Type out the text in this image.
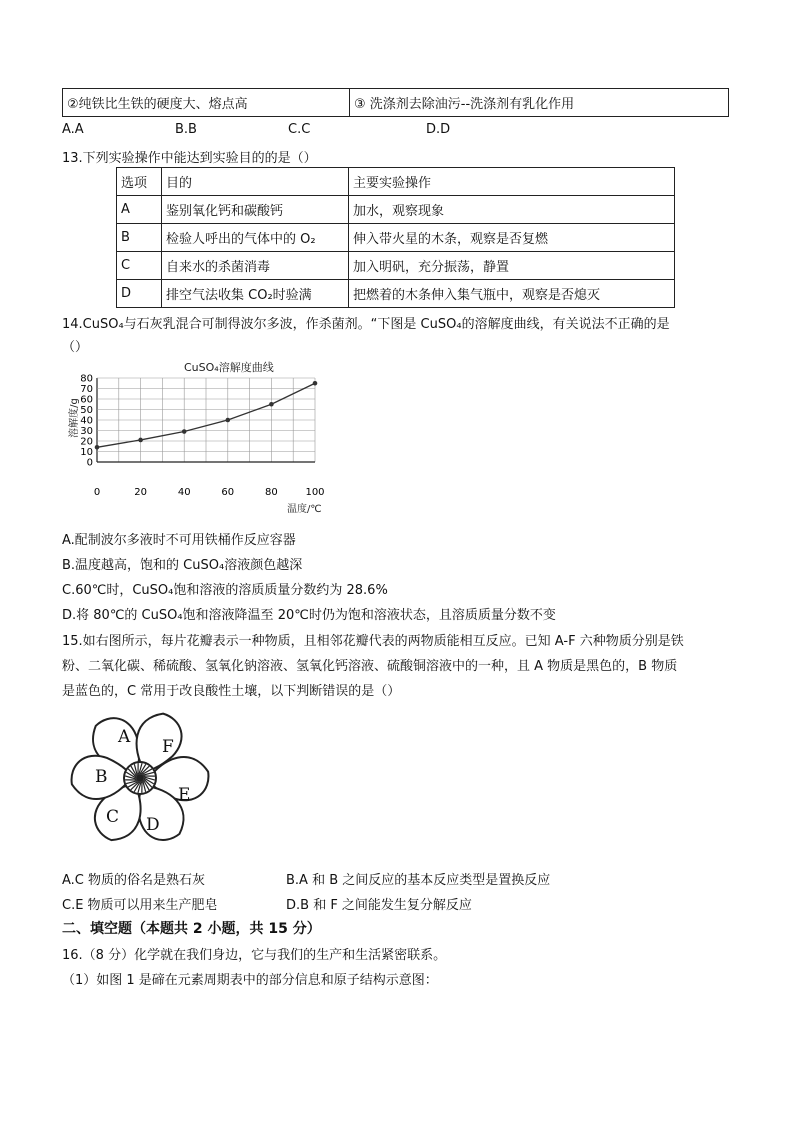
②纯铁比生铁的硬度大、熔点高	③ 洗涤剂去除油污--洗涤剂有乳化作用
A.A	B.B	C.C	D.D
13.下列实验操作中能达到实验目的的是（）
选项	目的	主要实验操作
A	鉴别氧化钙和碳酸钙	加水，观察现象
B	检验人呼出的气体中的 O₂	伸入带火星的木条，观察是否复燃
C	自来水的杀菌消毒	加入明矾，充分振荡，静置
D	排空气法收集 CO₂时验满	把燃着的木条伸入集气瓶中，观察是否熄灭
14.CuSO₄与石灰乳混合可制得波尔多波，作杀菌剂。“下图是 CuSO₄的溶解度曲线，有关说法不正确的是
（）
CuSO₄溶解度曲线
溶解度/g
温度/℃
0
10
20
30
40
50
60
70
80
0	20	40	60	80	100
A.配制波尔多液时不可用铁桶作反应容器
B.温度越高，饱和的 CuSO₄溶液颜色越深
C.60℃时，CuSO₄饱和溶液的溶质质量分数约为 28.6%
D.将 80℃的 CuSO₄饱和溶液降温至 20℃时仍为饱和溶液状态，且溶质质量分数不变
15.如右图所示，每片花瓣表示一种物质，且相邻花瓣代表的两物质能相互反应。已知 A-F 六种物质分别是铁
粉、二氧化碳、稀硫酸、氢氧化钠溶液、氢氧化钙溶液、硫酸铜溶液中的一种，且 A 物质是黑色的，B 物质
是蓝色的，C 常用于改良酸性土壤，以下判断错误的是（）
A F
E
D
C
B
A.C 物质的俗名是熟石灰	B.A 和 B 之间反应的基本反应类型是置换反应
C.E 物质可以用来生产肥皂	D.B 和 F 之间能发生复分解反应
二、填空题（本题共 2 小题，共 15 分）
16.（8 分）化学就在我们身边，它与我们的生产和生活紧密联系。
（1）如图 1 是碲在元素周期表中的部分信息和原子结构示意图：
